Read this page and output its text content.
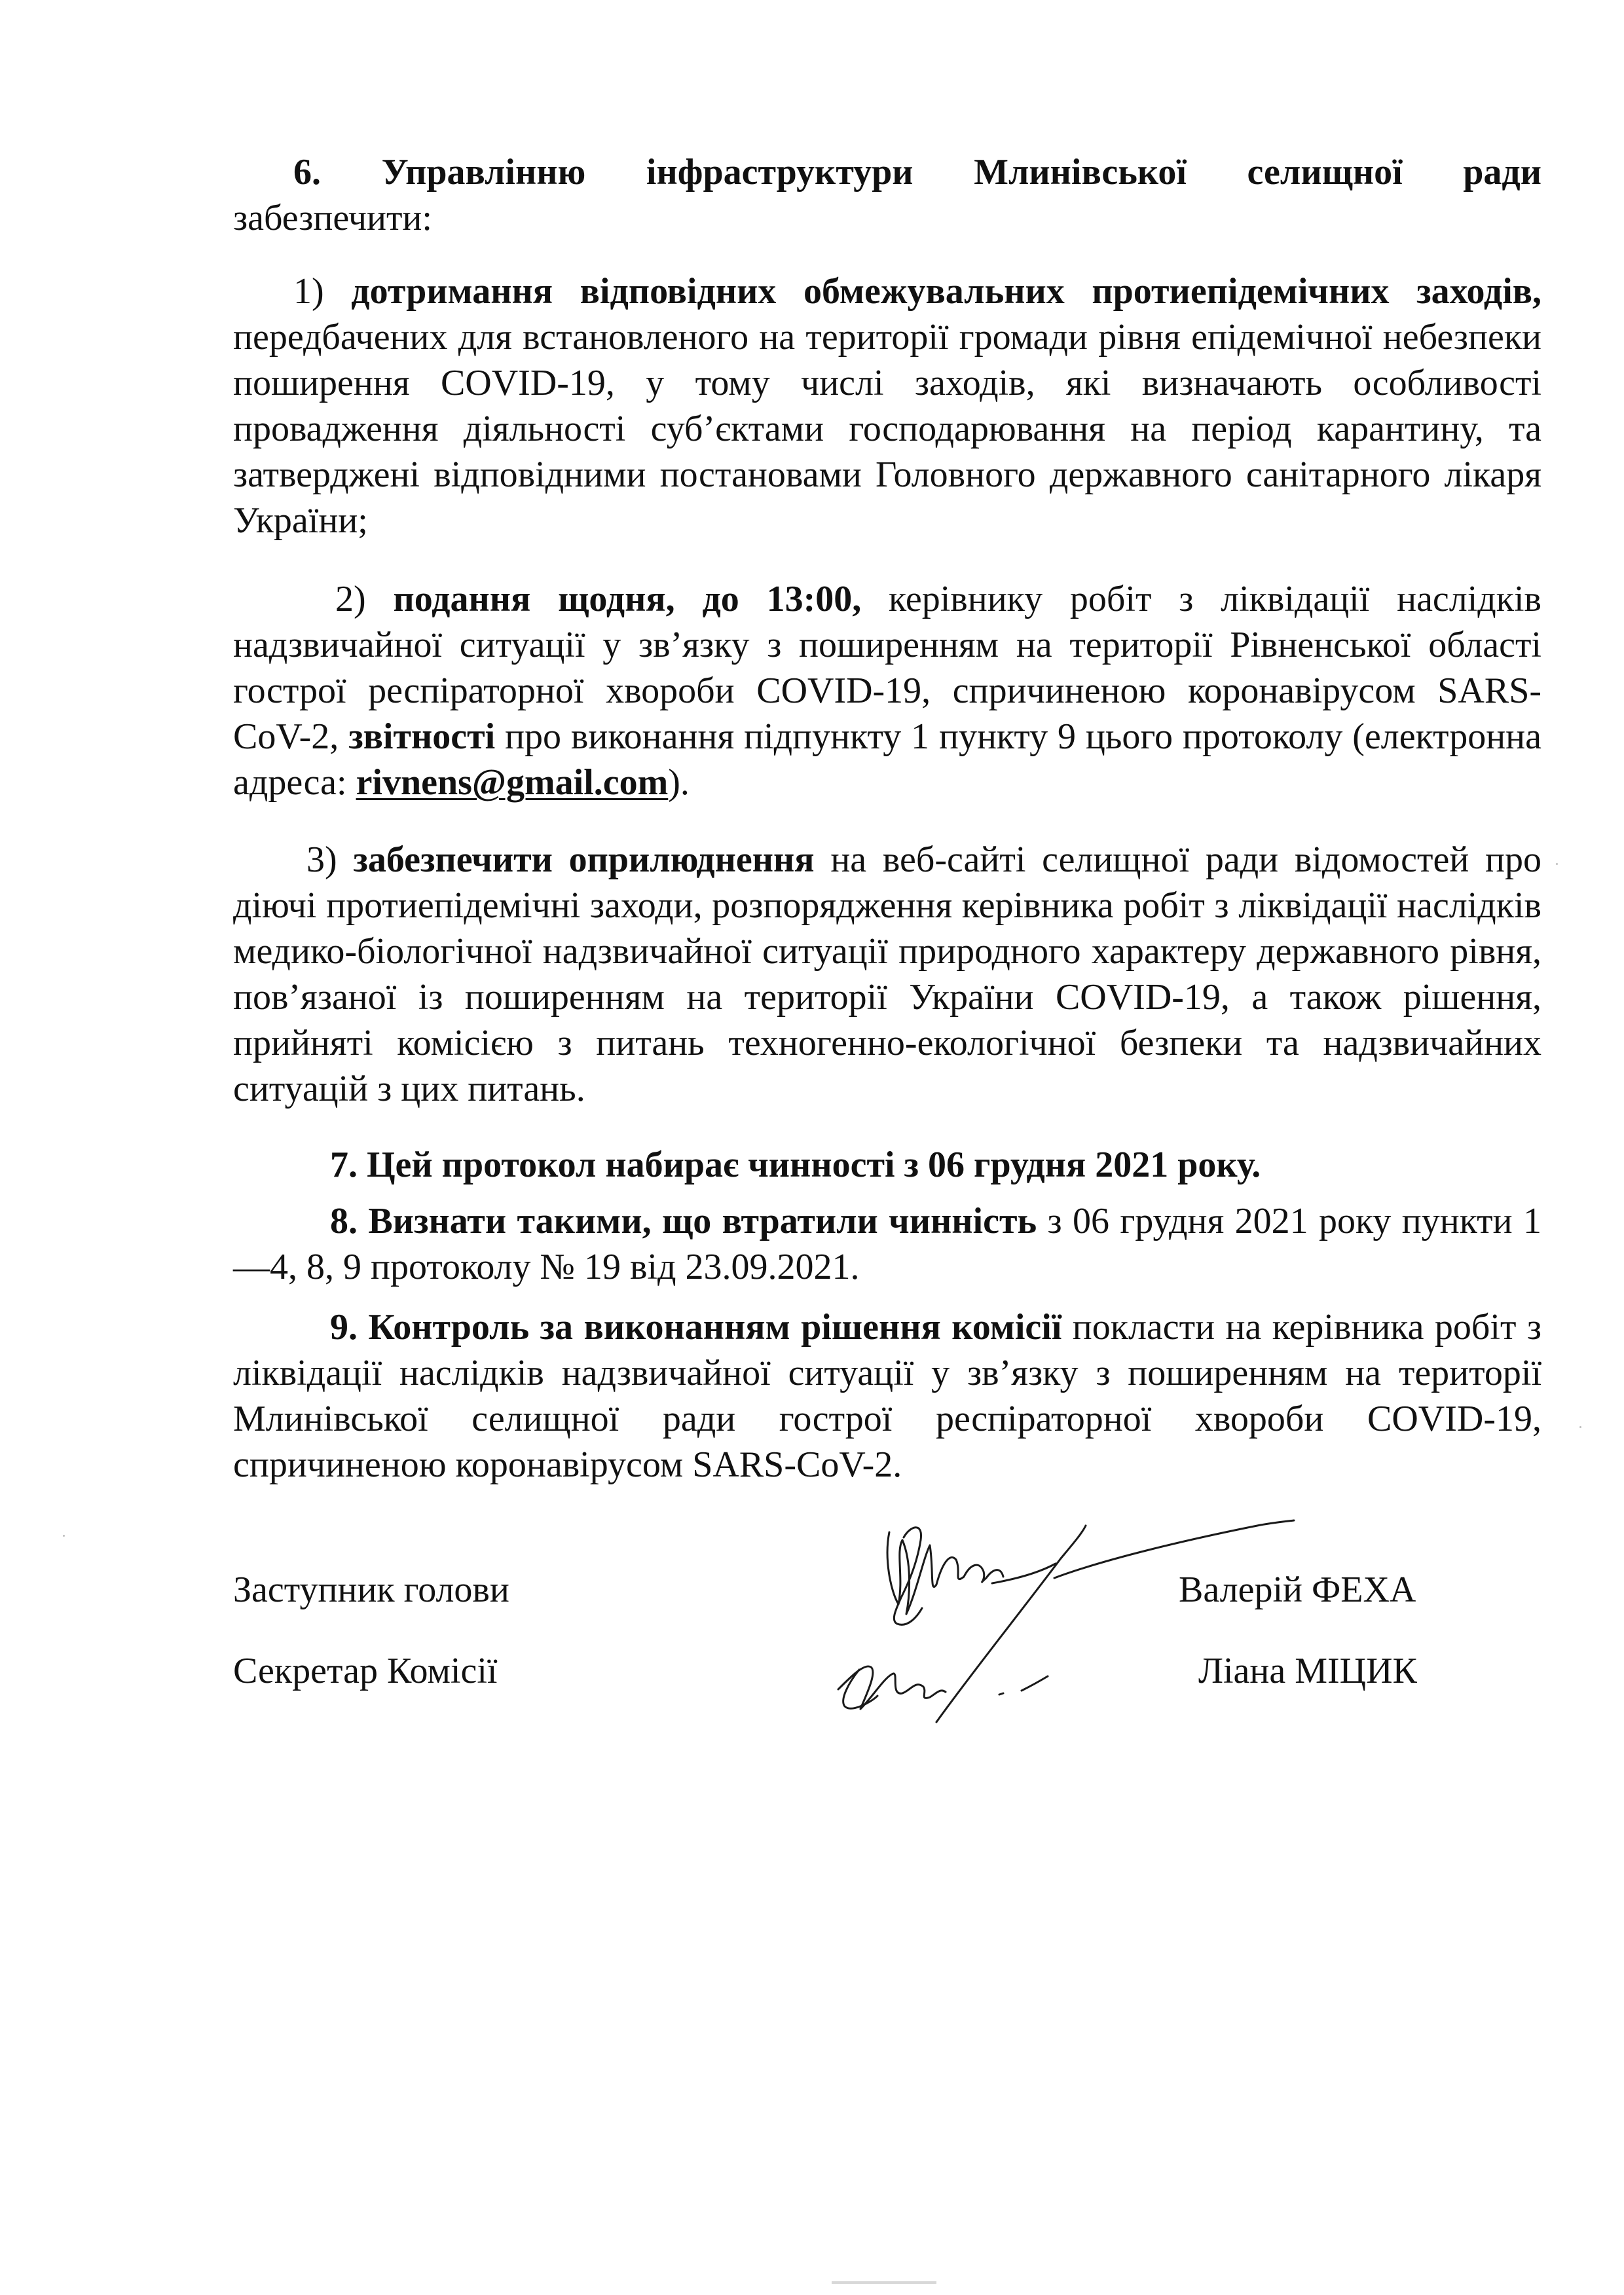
6. Управлінню інфраструктури Млинівської селищної ради

забезпечити:

1) дотримання відповідних обмежувальних протиепідемічних заходів, передбачених для встановленого на території громади рівня епідемічної небезпеки поширення COVID-19, у тому числі заходів, які визначають особливості провадження діяльності суб’єктами господарювання на період карантину, та затверджені відповідними постановами Головного державного санітарного лікаря України;
2) подання щодня, до 13:00, керівнику робіт з ліквідації наслідків надзвичайної ситуації у зв’язку з поширенням на території Рівненської області гострої респіраторної хвороби COVID-19, спричиненою коронавірусом SARS-CoV-2, звітності про виконання підпункту 1 пункту 9 цього протоколу (електронна адреса: rivnens@gmail.com).
3) забезпечити оприлюднення на веб-сайті селищної ради відомостей про діючі протиепідемічні заходи, розпорядження керівника робіт з ліквідації наслідків медико-біологічної надзвичайної ситуації природного характеру державного рівня, пов’язаної із поширенням на території України COVID-19, а також рішення, прийняті комісією з питань техногенно-екологічної безпеки та надзвичайних ситуацій з цих питань.
7. Цей протокол набирає чинності з 06 грудня 2021 року.
8. Визнати такими, що втратили чинність з 06 грудня 2021 року пункти 1—4, 8, 9 протоколу № 19 від 23.09.2021.
9. Контроль за виконанням рішення комісії покласти на керівника робіт з ліквідації наслідків надзвичайної ситуації у зв’язку з поширенням на території Млинівської селищної ради гострої респіраторної хвороби COVID-19, спричиненою коронавірусом SARS-CoV-2.
Заступник голови	Валерій ФЕХА
Секретар Комісії	Ліана МІЦИК
